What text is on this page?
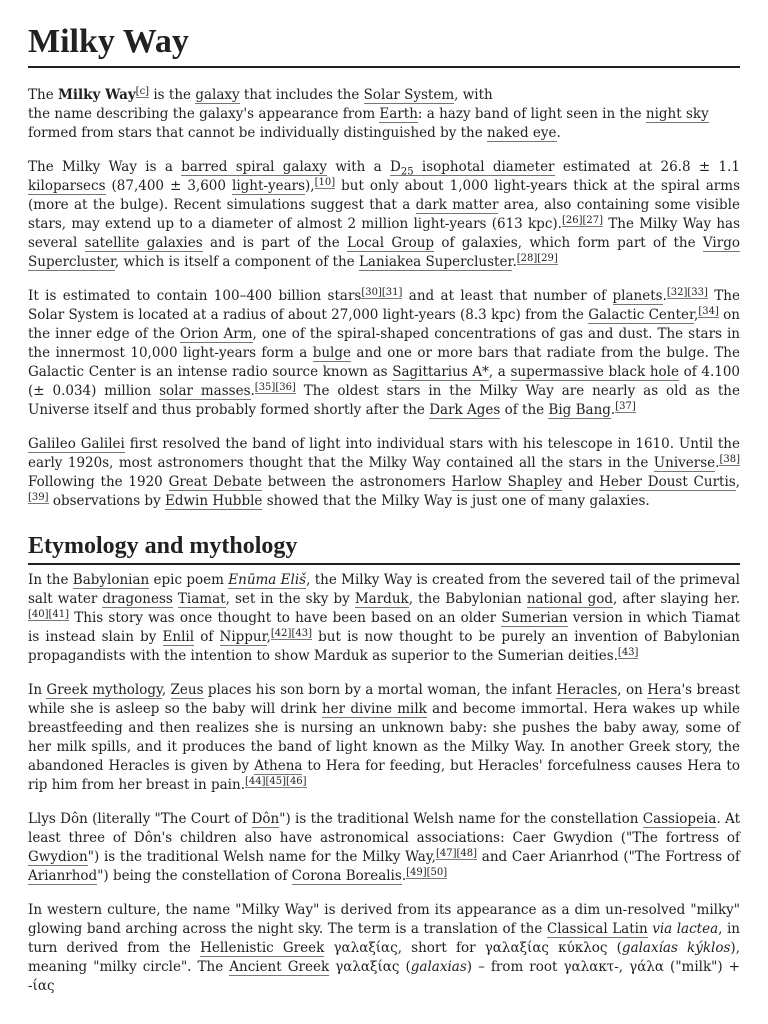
Milky Way

The Milky Way[c] is the galaxy that includes the Solar System, with
the name describing the galaxy's appearance from Earth: a hazy band of light seen in the night sky
formed from stars that cannot be individually distinguished by the naked eye.

The Milky Way is a barred spiral galaxy with a $D_{25}$ isophotal diameter estimated at 26.8 ± 1.1 kiloparsecs (87,400 ± 3,600 light-years),[10] but only about 1,000 light-years thick at the spiral arms (more at the bulge). Recent simulations suggest that a dark matter area, also containing some visible stars, may extend up to a diameter of almost 2 million light-years (613 kpc).[26][27] The Milky Way has several satellite galaxies and is part of the Local Group of galaxies, which form part of the Virgo Supercluster, which is itself a component of the Laniakea Supercluster.[28][29]

It is estimated to contain 100–400 billion stars[30][31] and at least that number of planets.[32][33] The Solar System is located at a radius of about 27,000 light-years (8.3 kpc) from the Galactic Center,[34] on the inner edge of the Orion Arm, one of the spiral-shaped concentrations of gas and dust. The stars in the innermost 10,000 light-years form a bulge and one or more bars that radiate from the bulge. The Galactic Center is an intense radio source known as Sagittarius A*, a supermassive black hole of 4.100 (± 0.034) million solar masses.[35][36] The oldest stars in the Milky Way are nearly as old as the Universe itself and thus probably formed shortly after the Dark Ages of the Big Bang.[37]

Galileo Galilei first resolved the band of light into individual stars with his telescope in 1610. Until the early 1920s, most astronomers thought that the Milky Way contained all the stars in the Universe.[38] Following the 1920 Great Debate between the astronomers Harlow Shapley and Heber Doust Curtis,[39] observations by Edwin Hubble showed that the Milky Way is just one of many galaxies.

Etymology and mythology

In the Babylonian epic poem Enūma Eliš, the Milky Way is created from the severed tail of the primeval salt water dragoness Tiamat, set in the sky by Marduk, the Babylonian national god, after slaying her.[40][41] This story was once thought to have been based on an older Sumerian version in which Tiamat is instead slain by Enlil of Nippur,[42][43] but is now thought to be purely an invention of Babylonian propagandists with the intention to show Marduk as superior to the Sumerian deities.[43]

In Greek mythology, Zeus places his son born by a mortal woman, the infant Heracles, on Hera's breast while she is asleep so the baby will drink her divine milk and become immortal. Hera wakes up while breastfeeding and then realizes she is nursing an unknown baby: she pushes the baby away, some of her milk spills, and it produces the band of light known as the Milky Way. In another Greek story, the abandoned Heracles is given by Athena to Hera for feeding, but Heracles' forcefulness causes Hera to rip him from her breast in pain.[44][45][46]

Llys Dôn (literally "The Court of Dôn") is the traditional Welsh name for the constellation Cassiopeia. At least three of Dôn's children also have astronomical associations: Caer Gwydion ("The fortress of Gwydion") is the traditional Welsh name for the Milky Way,[47][48] and Caer Arianrhod ("The Fortress of Arianrhod") being the constellation of Corona Borealis.[49][50]

In western culture, the name "Milky Way" is derived from its appearance as a dim un-resolved "milky" glowing band arching across the night sky. The term is a translation of the Classical Latin via lactea, in turn derived from the Hellenistic Greek γαλαξίας, short for γαλαξίας κύκλος (galaxías kýklos), meaning "milky circle". The Ancient Greek γαλαξίας (galaxias) – from root γαλακτ-, γάλα ("milk") + -ίας
